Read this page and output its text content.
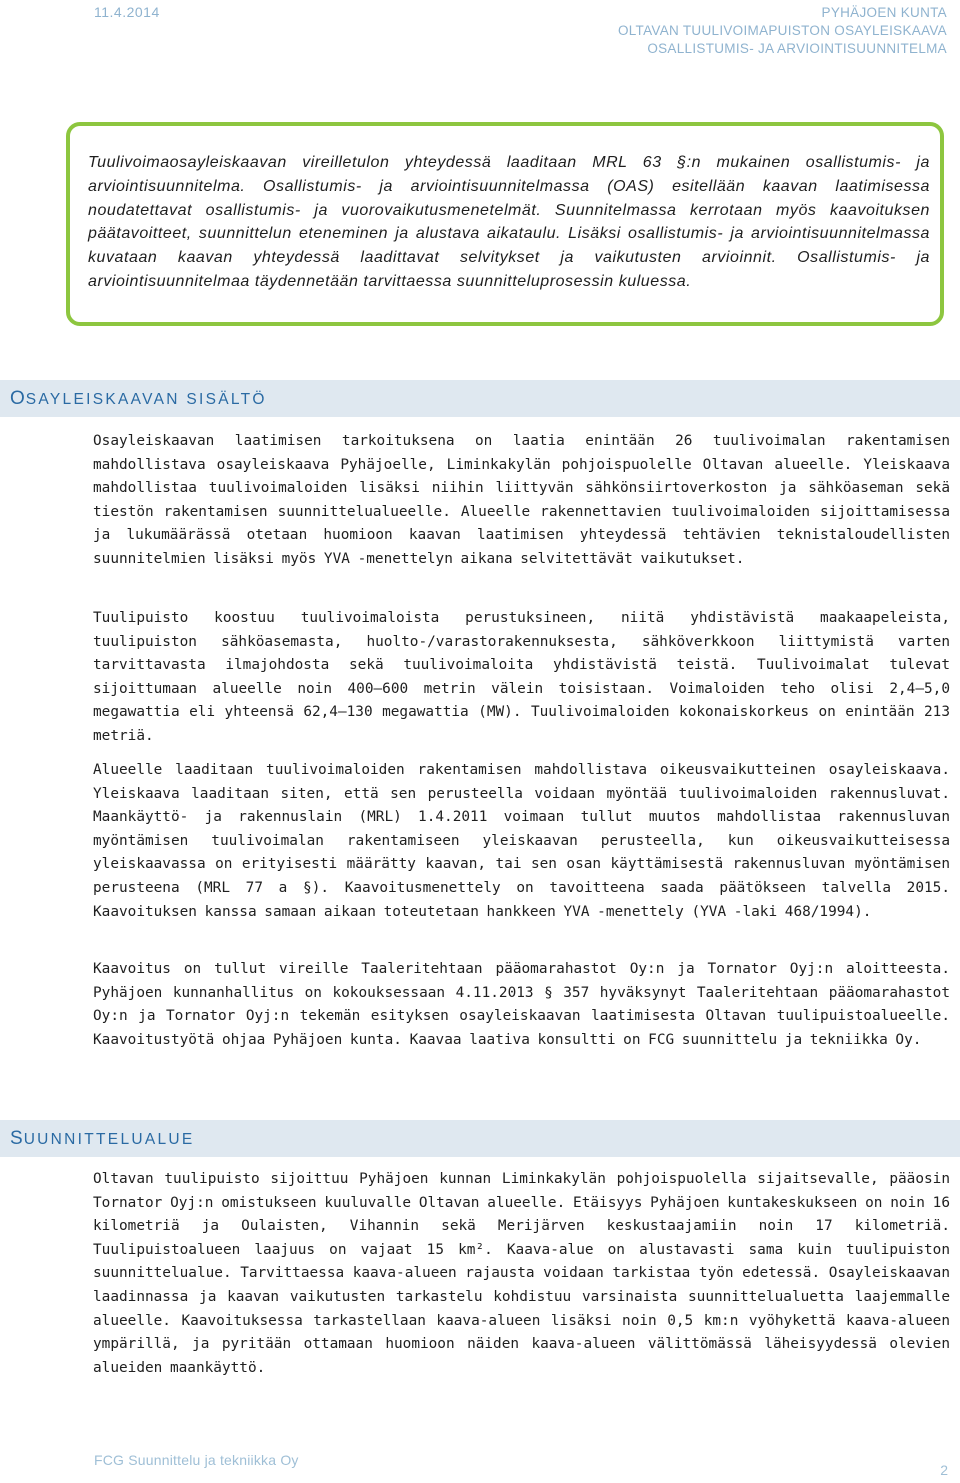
11.4.2014	PYHÄJOEN KUNTA
OLTAVAN TUULIVOIMAPUISTON OSAYLEISKAAVA
OSALLISTUMIS- JA ARVIOINTISUUNNITELMA

Tuulivoimaosayleiskaavan vireilletulon yhteydessä laaditaan MRL 63 §:n mukainen osallistumis- ja arviointisuunnitelma. Osallistumis- ja arviointisuunnitelmassa (OAS) esitellään kaavan laatimisessa noudatettavat osallistumis- ja vuorovaikutusmenetelmät. Suunnitelmassa kerrotaan myös kaavoituksen päätavoitteet, suunnittelun eteneminen ja alustava aikataulu. Lisäksi osallistumis- ja arviointisuunnitelmassa kuvataan kaavan yhteydessä laadittavat selvitykset ja vaikutusten arvioinnit. Osallistumis- ja arviointisuunnitelmaa täydennetään tarvittaessa suunnitteluprosessin kuluessa.

OSAYLEISKAAVAN SISÄLTÖ

Osayleiskaavan laatimisen tarkoituksena on laatia enintään 26 tuulivoimalan rakentamisen mahdollistava osayleiskaava Pyhäjoelle, Liminkakylän pohjoispuolelle Oltavan alueelle. Yleiskaava mahdollistaa tuulivoimaloiden lisäksi niihin liittyvän sähkönsiirtoverkoston ja sähköaseman sekä tiestön rakentamisen suunnittelualueelle. Alueelle rakennettavien tuulivoimaloiden sijoittamisessa ja lukumäärässä otetaan huomioon kaavan laatimisen yhteydessä tehtävien teknistaloudellisten suunnitelmien lisäksi myös YVA -menettelyn aikana selvitettävät vaikutukset.

Tuulipuisto koostuu tuulivoimaloista perustuksineen, niitä yhdistävistä maakaapeleista, tuulipuiston sähköasemasta, huolto-/varastorakennuksesta, sähköverkkoon liittymistä varten tarvittavasta ilmajohdosta sekä tuulivoimaloita yhdistävistä teistä. Tuulivoimalat tulevat sijoittumaan alueelle noin 400—600 metrin välein toisistaan. Voimaloiden teho olisi 2,4—5,0 megawattia eli yhteensä 62,4—130 megawattia (MW). Tuulivoimaloiden kokonaiskorkeus on enintään 213 metriä.

Alueelle laaditaan tuulivoimaloiden rakentamisen mahdollistava oikeusvaikutteinen osayleiskaava. Yleiskaava laaditaan siten, että sen perusteella voidaan myöntää tuulivoimaloiden rakennusluvat. Maankäyttö- ja rakennuslain (MRL) 1.4.2011 voimaan tullut muutos mahdollistaa rakennusluvan myöntämisen tuulivoimalan rakentamiseen yleiskaavan perusteella, kun oikeusvaikutteisessa yleiskaavassa on erityisesti määrätty kaavan, tai sen osan käyttämisestä rakennusluvan myöntämisen perusteena (MRL 77 a §). Kaavoitusmenettely on tavoitteena saada päätökseen talvella 2015. Kaavoituksen kanssa samaan aikaan toteutetaan hankkeen YVA -menettely (YVA -laki 468/1994).

Kaavoitus on tullut vireille Taaleritehtaan pääomarahastot Oy:n ja Tornator Oyj:n aloitteesta. Pyhäjoen kunnanhallitus on kokouksessaan 4.11.2013 § 357 hyväksynyt Taaleritehtaan pääomarahastot Oy:n ja Tornator Oyj:n tekemän esityksen osayleiskaavan laatimisesta Oltavan tuulipuistoalueelle. Kaavoitustyötä ohjaa Pyhäjoen kunta. Kaavaa laativa konsultti on FCG suunnittelu ja tekniikka Oy.

SUUNNITTELUALUE

Oltavan tuulipuisto sijoittuu Pyhäjoen kunnan Liminkakylän pohjoispuolella sijaitsevalle, pääosin Tornator Oyj:n omistukseen kuuluvalle Oltavan alueelle. Etäisyys Pyhäjoen kuntakeskukseen on noin 16 kilometriä ja Oulaisten, Vihannin sekä Merijärven keskustaajamiin noin 17 kilometriä. Tuulipuistoalueen laajuus on vajaat 15 km². Kaava-alue on alustavasti sama kuin tuulipuiston suunnittelualue. Tarvittaessa kaava-alueen rajausta voidaan tarkistaa työn edetessä. Osayleiskaavan laadinnassa ja kaavan vaikutusten tarkastelu kohdistuu varsinaista suunnittelualuetta laajemmalle alueelle. Kaavoituksessa tarkastellaan kaava-alueen lisäksi noin 0,5 km:n vyöhykettä kaava-alueen ympärillä, ja pyritään ottamaan huomioon näiden kaava-alueen välittömässä läheisyydessä olevien alueiden maankäyttö.

FCG Suunnittelu ja tekniikka Oy
2
